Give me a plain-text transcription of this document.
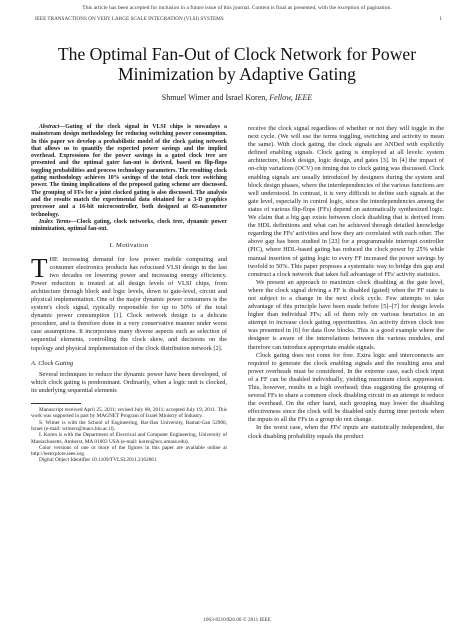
This article has been accepted for inclusion in a future issue of this journal. Content is final as presented, with the exception of pagination.
IEEE TRANSACTIONS ON VERY LARGE SCALE INTEGRATION (VLSI) SYSTEMS	1
The Optimal Fan-Out of Clock Network for Power Minimization by Adaptive Gating
Shmuel Wimer and Israel Koren, Fellow, IEEE

Abstract—Gating of the clock signal in VLSI chips is nowadays a mainstream design methodology for reducing switching power consumption. In this paper we develop a probabilistic model of the clock gating network that allows us to quantify the expected power savings and the implied overhead. Expressions for the power savings in a gated clock tree are presented and the optimal gater fan-out is derived, based on flip-flops toggling probabilities and process technology parameters. The resulting clock gating methodology achieves 10% savings of the total clock tree switching power. The timing implications of the proposed gating scheme are discussed. The grouping of FFs for a joint clocked gating is also discussed. The analysis and the results match the experimental data obtained for a 3-D graphics processor and a 16-bit microcontroller, both designed at 65-nanometer technology.

Index Terms—Clock gating, clock networks, clock tree, dynamic power minimization, optimal fan-out.

I. Motivation

THE increasing demand for low power mobile computing and consumer electronics products has refocused VLSI design in the last two decades on lowering power and increasing energy efficiency. Power reduction is treated at all design levels of VLSI chips, from architecture through block and logic levels, down to gate-level, circuit and physical implementation. One of the major dynamic power consumers is the system's clock signal, typically responsible for up to 50% of the total dynamic power consumption [1]. Clock network design is a delicate procedure, and is therefore done in a very conservative manner under worst case assumptions. It incorporates many diverse aspects such as selection of sequential elements, controlling the clock skew, and decisions on the topology and physical implementation of the clock distribution network [2].

A. Clock Gating

Several techniques to reduce the dynamic power have been developed, of which clock gating is predominant. Ordinarily, when a logic unit is clocked, its underlying sequential elements

Manuscript received April 25, 2011; revised July 08, 2011; accepted July 19, 2011. This work was supported in part by MAGNET Program of Israel Ministry of Industry.

S. Wimer is with the School of Engineering, Bar-Ilan University, Ramat-Gan 52900, Israel (e-mail: wimers@macs.biu.ac.il).

I. Koren is with the Department of Electrical and Computer Engineering, University of Massachusetts, Amherst, MA 01003 USA (e-mail: koren@ecs.umass.edu).

Color versions of one or more of the figures in this paper are available online at http://ieeexplore.ieee.org.

Digital Object Identifier 10.1109/TVLSI.2011.2162861

receive the clock signal regardless of whether or not they will toggle in the next cycle. (We will use the terms toggling, switching and activity to mean the same). With clock gating, the clock signals are ANDed with explicitly defined enabling signals. Clock gating is employed at all levels: system architecture, block design, logic design, and gates [3]. In [4] the impact of on-chip variations (OCV) on timing due to clock gating was discussed. Clock enabling signals are usually introduced by designers during the system and block design phases, where the interdependencies of the various functions are well understood. In contrast, it is very difficult to define such signals at the gate level, especially in control logic, since the interdependencies among the states of various flip-flops (FFs) depend on automatically synthesized logic. We claim that a big gap exists between clock disabling that is derived from the HDL definitions and what can be achieved through detailed knowledge regarding the FFs' activities and how they are correlated with each other. The above gap has been studied in [23] for a programmable interrupt controller (PIC), where HDL-based gating has reduced the clock power by 25% while manual insertion of gating logic to every FF increased the power savings by twofold to 50%. This paper proposes a systematic way to bridge this gap and construct a clock network that takes full advantage of FFs' activity statistics.

We present an approach to maximize clock disabling at the gate level, where the clock signal driving a FF is disabled (gated) when the FF state is not subject to a change in the next clock cycle. Few attempts to take advantage of this principle have been made before [5]–[7] for design levels higher than individual FFs; all of them rely on various heuristics in an attempt to increase clock gating opportunities. An activity driven clock tree was presented in [6] for data flow blocks. This is a good example where the designer is aware of the interrelations between the various modules, and therefore can introduce appropriate enable signals.

Clock gating does not come for free. Extra logic and interconnects are required to generate the clock enabling signals and the resulting area and power overheads must be considered. In the extreme case, each clock input of a FF can be disabled individually, yielding maximum clock suppression. This, however, results in a high overhead; thus suggesting the grouping of several FFs to share a common clock disabling circuit in an attempt to reduce the overhead. On the other hand, such grouping may lower the disabling effectiveness since the clock will be disabled only during time periods when the inputs to all the FFs in a group do not change.

In the worst case, when the FFs' inputs are statistically independent, the clock disabling probability equals the product

1063-8210/$26.00 © 2011 IEEE
